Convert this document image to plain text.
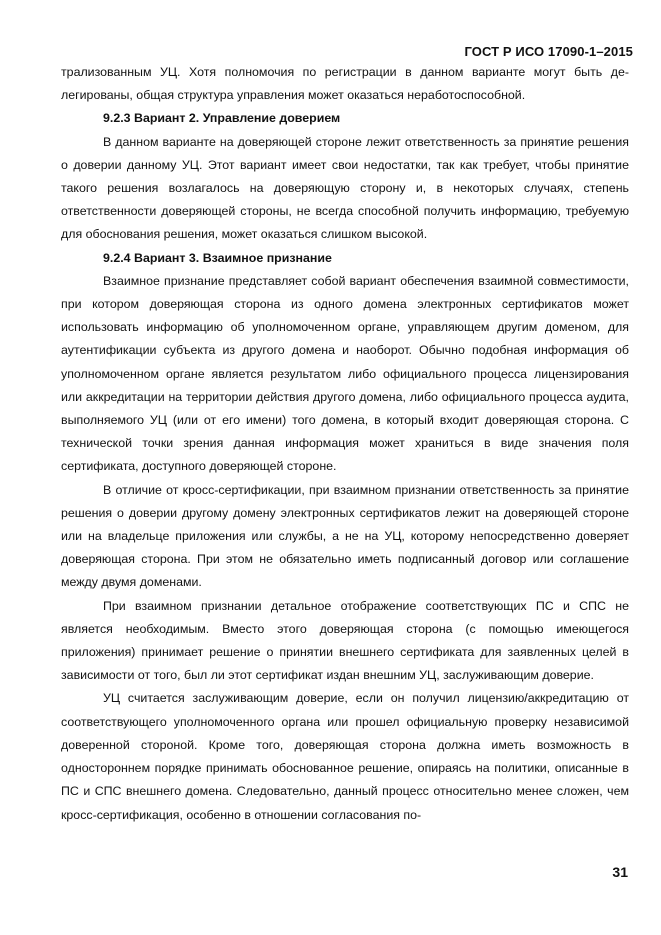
ГОСТ Р ИСО 17090-1–2015

трализованным УЦ. Хотя полномочия по регистрации в данном варианте могут быть делегированы, общая структура управления может оказаться неработоспособной.

9.2.3 Вариант 2. Управление доверием

В данном варианте на доверяющей стороне лежит ответственность за принятие решения о доверии данному УЦ. Этот вариант имеет свои недостатки, так как требует, чтобы принятие такого решения возлагалось на доверяющую сторону и, в некоторых случаях, степень ответственности доверяющей стороны, не всегда способной получить информацию, требуемую для обоснования решения, может оказаться слишком высокой.

9.2.4 Вариант 3. Взаимное признание

Взаимное признание представляет собой вариант обеспечения взаимной совместимости, при котором доверяющая сторона из одного домена электронных сертификатов может использовать информацию об уполномоченном органе, управляющем другим доменом, для аутентификации субъекта из другого домена и наоборот. Обычно подобная информация об уполномоченном органе является результатом либо официального процесса лицензирования или аккредитации на территории действия другого домена, либо официального процесса аудита, выполняемого УЦ (или от его имени) того домена, в который входит доверяющая сторона. С технической точки зрения данная информация может храниться в виде значения поля сертификата, доступного доверяющей стороне.

В отличие от кросс-сертификации, при взаимном признании ответственность за принятие решения о доверии другому домену электронных сертификатов лежит на доверяющей стороне или на владельце приложения или службы, а не на УЦ, которому непосредственно доверяет доверяющая сторона. При этом не обязательно иметь подписанный договор или соглашение между двумя доменами.

При взаимном признании детальное отображение соответствующих ПС и СПС не является необходимым. Вместо этого доверяющая сторона (с помощью имеющегося приложения) принимает решение о принятии внешнего сертификата для заявленных целей в зависимости от того, был ли этот сертификат издан внешним УЦ, заслуживающим доверие.

УЦ считается заслуживающим доверие, если он получил лицензию/аккредитацию от соответствующего уполномоченного органа или прошел официальную проверку независимой доверенной стороной. Кроме того, доверяющая сторона должна иметь возможность в одностороннем порядке принимать обоснованное решение, опираясь на политики, описанные в ПС и СПС внешнего домена. Следовательно, данный процесс относительно менее сложен, чем кросс-сертификация, особенно в отношении согласования по-

31
